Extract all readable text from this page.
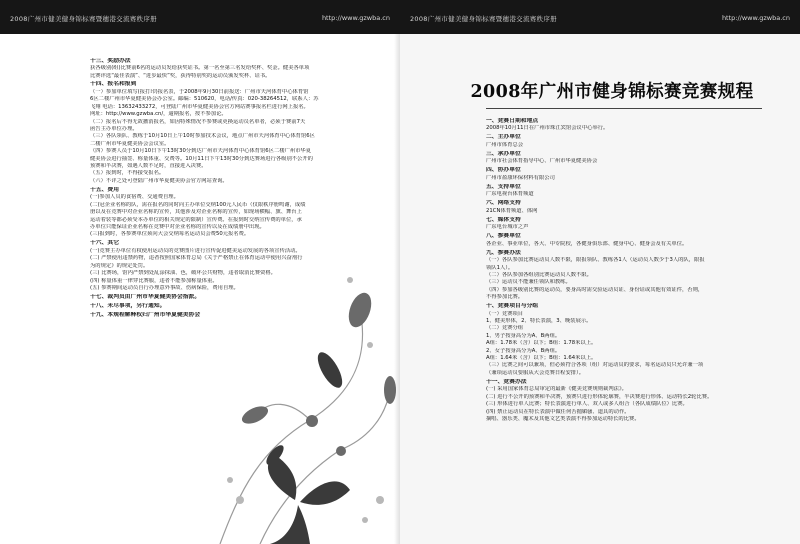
2008广州市健美健身锦标赛暨穗港交流赛秩序册	http://www.gzwba.cn
十三、奖励办法
获各级别(组)比赛前6名的运动员发给获奖证书。第一名至第三名发给奖杯、奖金。健美各单项
比赛评选“最佳表演”、“进步最快”奖，获得特别奖的运动员颁发奖杯、证书。
十四、报名和报到
（一）参加单位填写(报打印)报名表，于2008年9月30日前报送：广州市天河体育中心体育馆
6区二楼广州市华夏健美协会办公室。邮编：510620，电话/传真：020-38264512，联系人：苏
飞翔 电话：13632433272，可登陆广州市华夏健美协会官方网站赛事报名栏进行网上报名。
网址：http://www.gzwba.cn/，逾期报名，按不参加论。
（二）报名后不得无故撤消报名，如因特殊情况不参赛或更换运动员名单者，必须于赛前7天
函告主办单位办理。
（三）各队领队、教练于10月10日上午10时参加技术会议，地点广州市天河体育中心体育馆6区
二楼广州市华夏健美协会会议室。
（四）参赛人员于10月10日下午13时30分到达广州市天河体育中心体育馆6区二楼广州市华夏
健美协会进行抽签、称量体重、交费等。10月11日下午13时30分到达赛场进行各级别不公开的
预赛和半决赛，如遇人数不足时，直接进入决赛。
（五）报到时，不得接受报名。
（六）不详之处可登陆广州市华夏健美协会官方网站查询。
十五、费用
(一)参加人员的食宿费、交通费自理。
(二)冠企业名称的队，需在报名的同时向主办单位交纳100元人民币（仅限秩序册鸣谢，成绩
册以及在竞赛中对企业名称的宣传，其他涉及对企业名称的宣传，如现场横幅、旗、舞台上
运动着装等都必须受本办单位的相关规定的限制）宣传费。在报到时交纳宣传费的单位，承
办单位只能保证企业名称在竞赛中对企业名称的宣传以及在成绩册中出现。
(三)报到时，各参赛单位须向大会交纳每名运动员会费50元报名费。
十六、其它
(一)竞赛主办单位有权使用运动员的竞赛图片进行宣传促进健美运动发展的各项宣传活动。
(二) 严禁使用违禁药物，违者按照国家体育总局《关于严格禁止在体育运动中使用兴奋剂行
为的规定》的规定处罚。
(三) 比赛场，馆内严禁到处乱涂抹油、色，破坏公共财物，违者取消比赛资格。
(四) 称量体重一律穿比赛服，违者不能参加称量体重。
(五) 参赛期间运动员自行办理意外事故、伤病保险，费用自理。
十七、裁判员由广州市华夏健美协会指派。
十八、未尽事项，另行通知。
十九、本规程解释权归广州市华夏健美协会
2008广州市健美健身锦标赛暨穗港交流赛秩序册	http://www.gzwba.cn
2008年广州市健身锦标赛竞赛规程
一、竞赛日期和地点
2008年10月11日在广州市珠江宾馆会议中心举行。
二、主办单位
广州市体育总会
三、承办单位
广州市社会体育指导中心、广州市华夏健美协会
四、协办单位
广州市盈康环保材料有限公司
五、支持单位
广东电视台体育频道
六、网络支持
21CN体育频道、体网
七、媒体支持
广东电台城市之声
八、参赛单位
各企业、事业单位，各大、中专院校，各健身俱乐部、健身中心、健身会及有关单位。
九、参赛办法
（一）各队参加比赛运动员人数不限，限报领队、教练各1人（运动员人数少于3人的队，限报
领队1人）。
（二）各队参加各组别比赛运动员人数不限。
（三）运动员不能兼任领队和教练。
（四）参加各级别比赛的运动员，要身高时需交验运动员证、身份证或其他有效证件，否则，
不得参加比赛。
十、竞赛项目与分组
（一）竞赛项目
1、健美形体，2、特长表演，3、晚装展示。
（二）竞赛分组
1、男子按身高分为A、B两组。
A组：1.78米（含）以下；B组：1.78米以上。
2、女子按身高分为A、B两组。
A组：1.64米（含）以下；B组：1.64米以上。
（三）比赛之间可以兼项，但必须符合各项（组）对运动员的要求，每名运动员只允许兼一项
（兼项运动员要服从大会竞赛日程安排）。
十一、竞赛办法
(一) 采用国家体育总局审定的最新《健美竞赛规则裁判法》。
(二) 进行不公开的预赛和半决赛，预赛只进行形体轮廓赛，半决赛进行形体、运动特长2轮比赛。
(三) 形体进行单人比赛；特长表演进行单人、双人或多人组合（各队成绩队位）比赛。
(四) 禁止运动员在特长表演中做任何舌抛媚骚、道具的动作。
摘唱、器乐类、魔术及其他文艺类表演不得参加运动特长的比赛。
